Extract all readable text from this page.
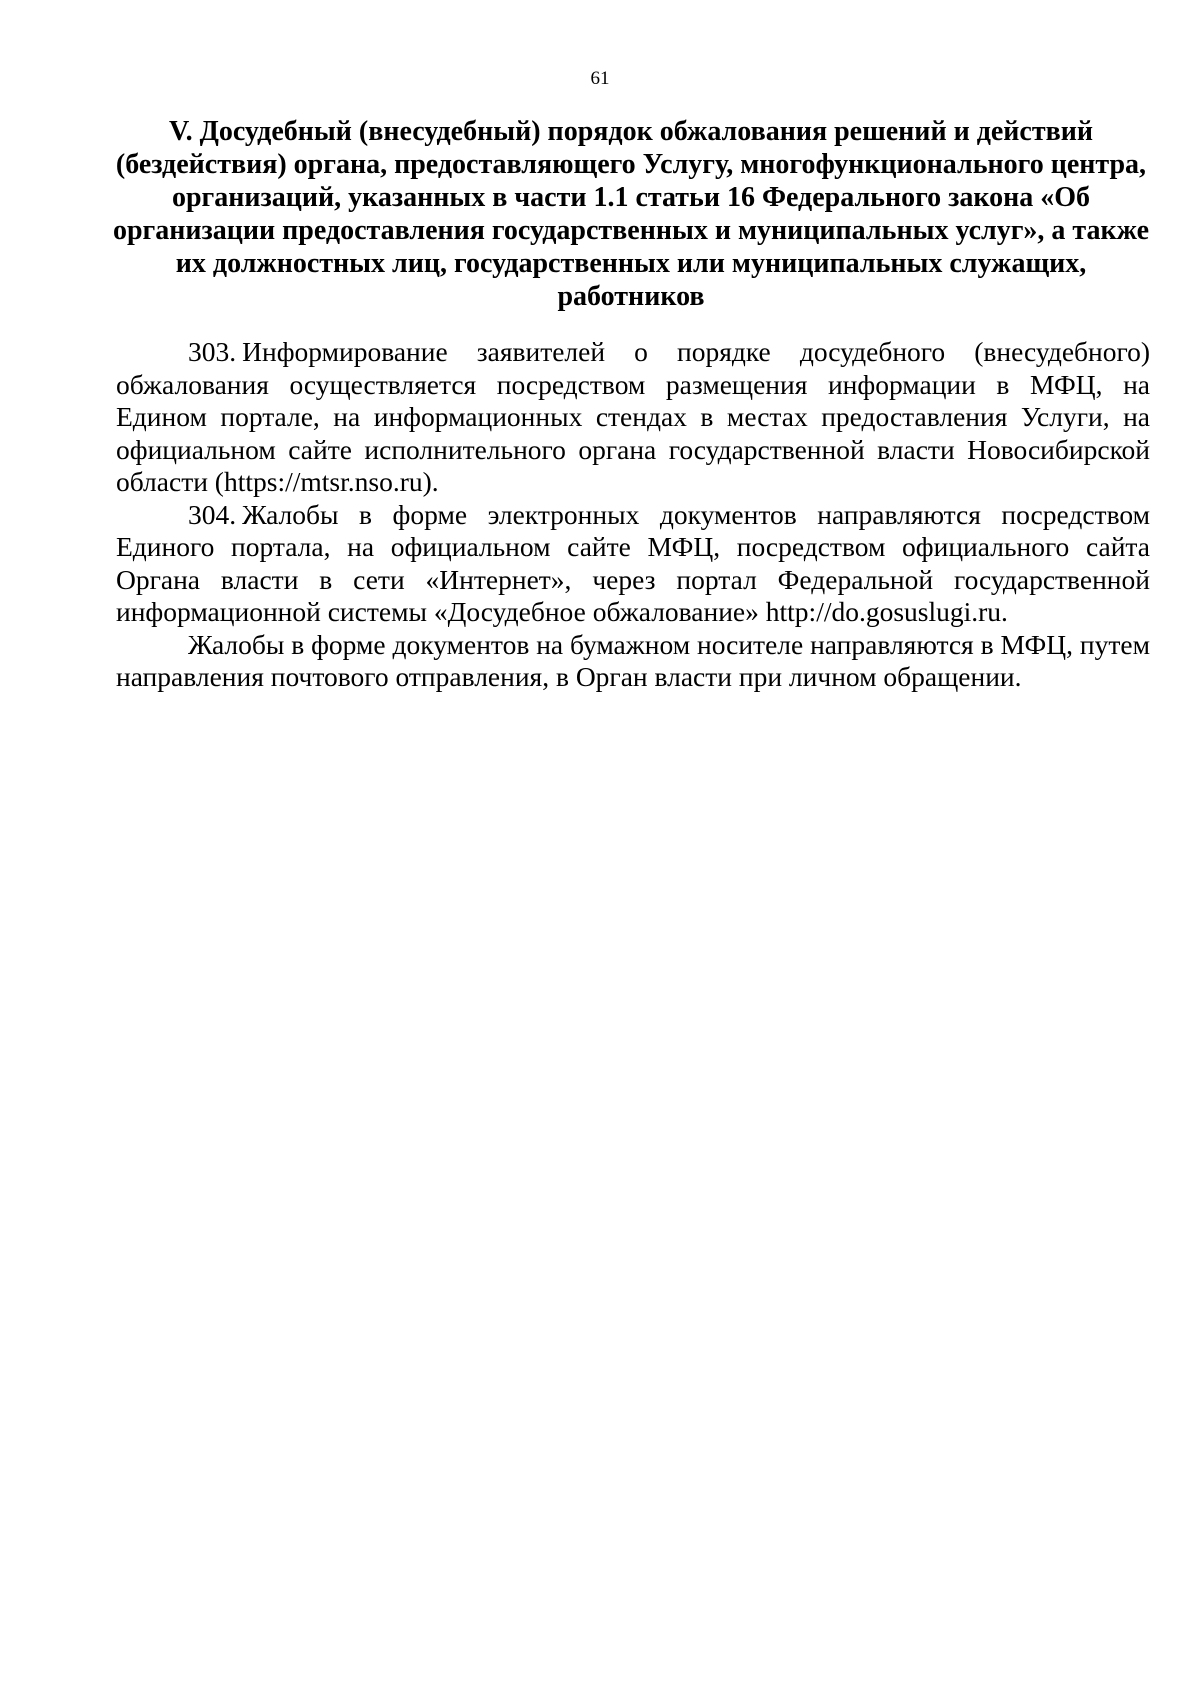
61
V. Досудебный (внесудебный) порядок обжалования решений и действий (бездействия) органа, предоставляющего Услугу, многофункционального центра, организаций, указанных в части 1.1 статьи 16 Федерального закона «Об организации предоставления государственных и муниципальных услуг», а также их должностных лиц, государственных или муниципальных служащих, работников

303. Информирование заявителей о порядке досудебного (внесудебного) обжалования осуществляется посредством размещения информации в МФЦ, на Едином портале, на информационных стендах в местах предоставления Услуги, на официальном сайте исполнительного органа государственной власти Новосибирской области (https://mtsr.nso.ru).

304. Жалобы в форме электронных документов направляются посредством Единого портала, на официальном сайте МФЦ, посредством официального сайта Органа власти в сети «Интернет», через портал Федеральной государственной информационной системы «Досудебное обжалование» http://do.gosuslugi.ru.

Жалобы в форме документов на бумажном носителе направляются в МФЦ, путем направления почтового отправления, в Орган власти при личном обращении.
